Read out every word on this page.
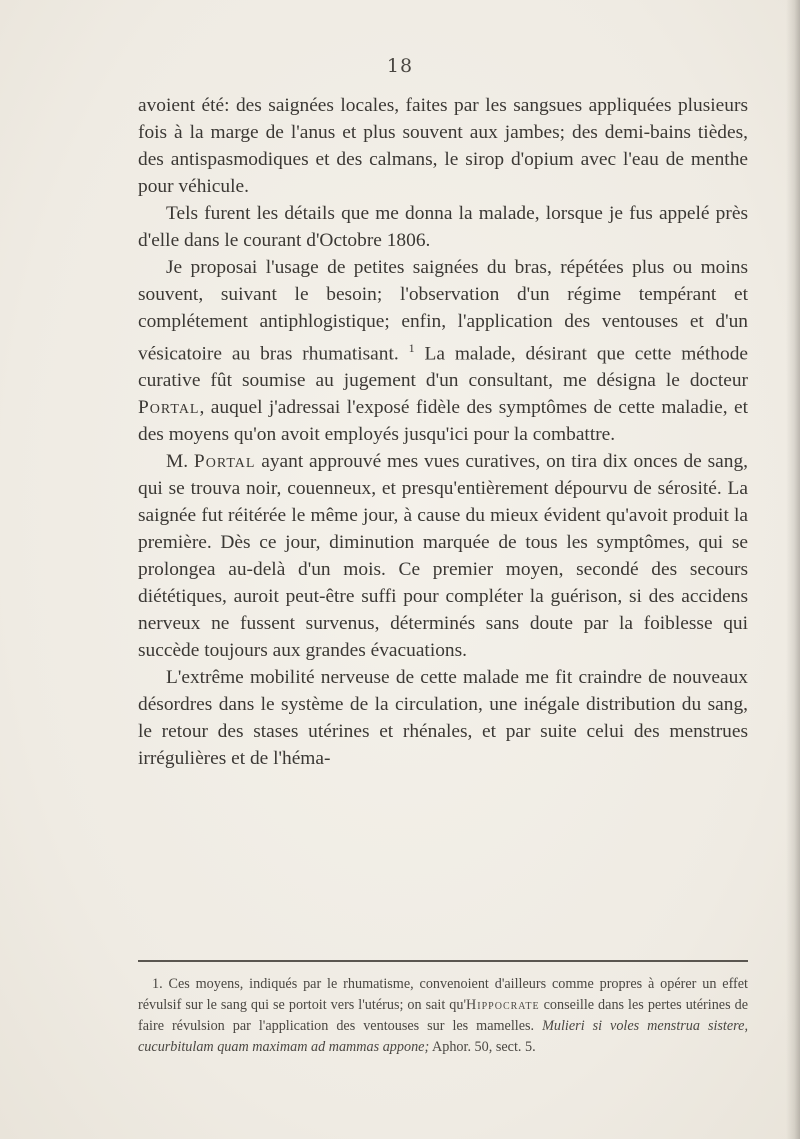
18

avoient été: des saignées locales, faites par les sangsues appliquées plusieurs fois à la marge de l'anus et plus souvent aux jambes; des demi-bains tièdes, des antispasmodiques et des calmans, le sirop d'opium avec l'eau de menthe pour véhicule.

Tels furent les détails que me donna la malade, lorsque je fus appelé près d'elle dans le courant d'Octobre 1806.

Je proposai l'usage de petites saignées du bras, répétées plus ou moins souvent, suivant le besoin; l'observation d'un régime tempérant et complétement antiphlogistique; enfin, l'application des ventouses et d'un vésicatoire au bras rhumatisant. $^1$ La malade, désirant que cette méthode curative fût soumise au jugement d'un consultant, me désigna le docteur Portal, auquel j'adressai l'exposé fidèle des symptômes de cette maladie, et des moyens qu'on avoit employés jusqu'ici pour la combattre.

M. Portal ayant approuvé mes vues curatives, on tira dix onces de sang, qui se trouva noir, couenneux, et presqu'entièrement dépourvu de sérosité. La saignée fut réitérée le même jour, à cause du mieux évident qu'avoit produit la première. Dès ce jour, diminution marquée de tous les symptômes, qui se prolongea au-delà d'un mois. Ce premier moyen, secondé des secours diététiques, auroit peut-être suffi pour compléter la guérison, si des accidens nerveux ne fussent survenus, déterminés sans doute par la foiblesse qui succède toujours aux grandes évacuations.

L'extrême mobilité nerveuse de cette malade me fit craindre de nouveaux désordres dans le système de la circulation, une inégale distribution du sang, le retour des stases utérines et rhénales, et par suite celui des menstrues irrégulières et de l'héma-

1. Ces moyens, indiqués par le rhumatisme, convenoient d'ailleurs comme propres à opérer un effet révulsif sur le sang qui se portoit vers l'utérus; on sait qu'Hippocrate conseille dans les pertes utérines de faire révulsion par l'application des ventouses sur les mamelles. Mulieri si voles menstrua sistere, cucurbitulam quam maximam ad mammas appone; Aphor. 50, sect. 5.
